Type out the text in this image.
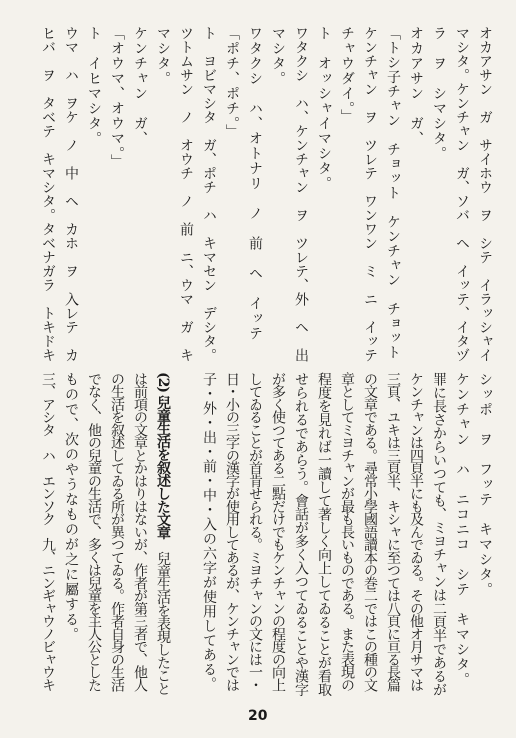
オカアサン　ガ　サイホウ　ヲ　シテ　イラッシャイ
マシタ。ケンチャン　ガ、ソバ　ヘ　イッテ、イタヅ
ラ　ヲ　シマシタ。
オカアサン　ガ、
「トシ子チャン　チョット　ケンチャン　チョット
ケンチャン　ヲ　ツレテ　ワンワン　ミ　ニ　イッテ
チャウダイ。」
ト　オッシャイマシタ。
ワタクシ　ハ、ケンチャン　ヲ　ツレテ、外　ヘ　出
マシタ。
ワタクシ　ハ、オトナリ　ノ　前　ヘ　イッテ
「ポチ、ポチ。」
ト　ヨビマシタ　ガ、ポチ　ハ　キマセン　デシタ。
ツトムサン　ノ　オウチ　ノ　前　ニ、ウマ　ガ　キ
マシタ。
ケンチャン　ガ、
「オウマ、オウマ。」
ト　イヒマシタ。
ウマ　ハ　ヲケ　ノ　中　ヘ　カホ　ヲ　入レテ　カ
ヒバ　ヲ　タベテ　キマシタ。タベナガラ　トキドキ
シッポ　ヲ　フッテ　キマシタ。
ケンチャン　ハ　ニコニコ　シテ　キマシタ。
罪に長さからいつても、ミヨチャンは二頁半であるが
ケンチャンは四頁半にも及んでゐる。その他オ月サマは
三頁、ユキは三頁半、キシャに至つては八頁に亘る長篇
の文章である。尋常小學國語讀本の巻二ではこの種の文
章としてミヨチャンが最も長いものである。また表現の
程度を見れば一讀して著しく向上してゐることが看取
せられるであらう。會話が多く入つてゐることや漢字
が多く使つてある二點だけでもケンチャンの程度の向上
してゐることが首肯せられる。ミヨチャンの文には一・
日・小の三字の漢字が使用してあるが、ケンチャンでは
子・外・出・前・中・入の六字が使用してある。
(2) 兒童生活を叙述した文章　兒童生活を表現したこと
は前項の文章とかはりはないが、作者が第三者で、他人
の生活を叙述してゐる所が異つてゐる。作者自身の生活
でなく、他の兒童の生活で、多くは兒童を主人公とした
もので、次のやうなものが之に屬する。
三、アシタ　ハ　エンソク　九、ニンギャウノビャウキ
20
